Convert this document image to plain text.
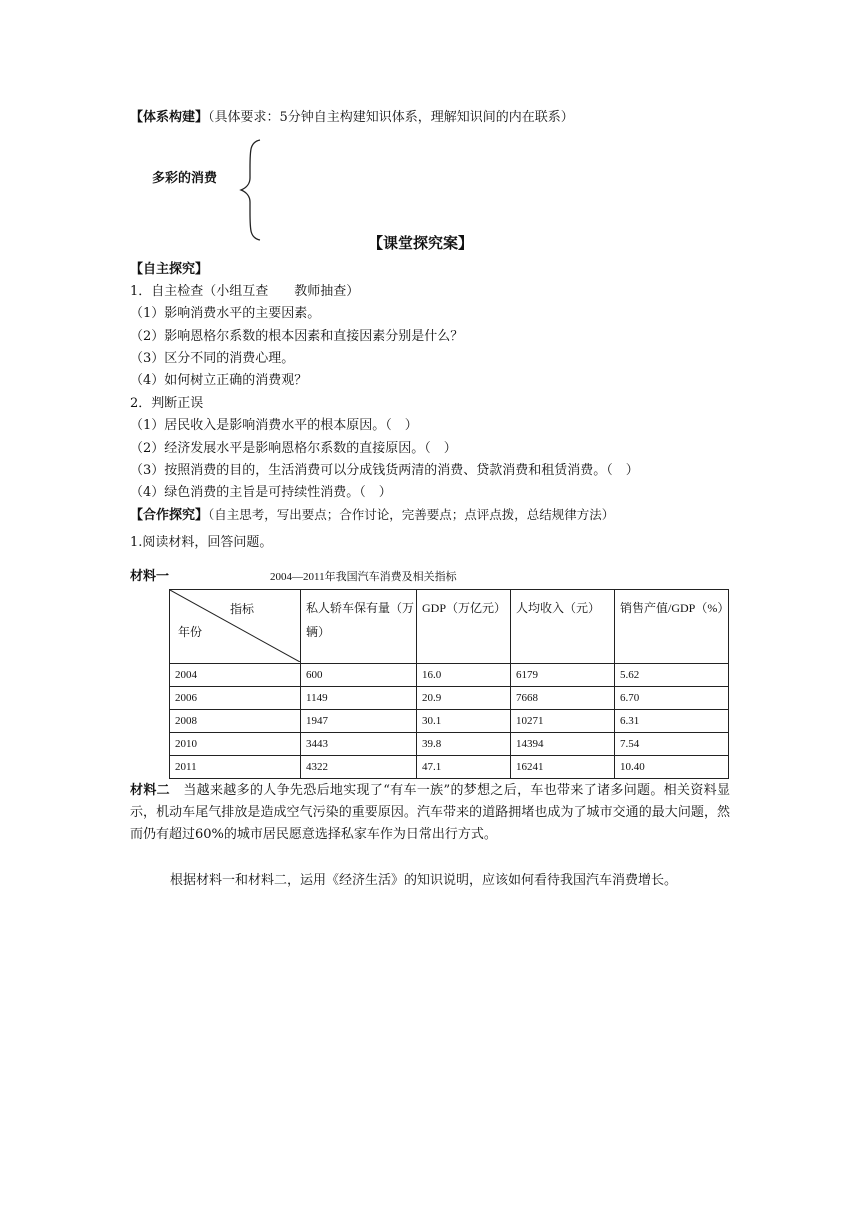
【体系构建】（具体要求：5分钟自主构建知识体系，理解知识间的内在联系）
多彩的消费
【课堂探究案】
【自主探究】
1．自主检查（小组互查　　教师抽查）
（1）影响消费水平的主要因素。
（2）影响恩格尔系数的根本因素和直接因素分别是什么？
（3）区分不同的消费心理。
（4）如何树立正确的消费观？
2．判断正误
（1）居民收入是影响消费水平的根本原因。（　）
（2）经济发展水平是影响恩格尔系数的直接原因。（　）
（3）按照消费的目的，生活消费可以分成钱货两清的消费、贷款消费和租赁消费。（　）
（4）绿色消费的主旨是可持续性消费。（　）
【合作探究】（自主思考，写出要点；合作讨论，完善要点；点评点拨，总结规律方法）
1.阅读材料，回答问题。
材料一	2004—2011年我国汽车消费及相关指标
指标
年份	私人轿车保有量（万辆）	GDP（万亿元）	人均收入（元）	销售产值/GDP（%）
2004	600	16.0	6179	5.62
2006	1149	20.9	7668	6.70
2008	1947	30.1	10271	6.31
2010	3443	39.8	14394	7.54
2011	4322	47.1	16241	10.40
材料二　 当越来越多的人争先恐后地实现了“有车一族”的梦想之后，车也带来了诸多问题。相关资料显示，机动车尾气排放是造成空气污染的重要原因。汽车带来的道路拥堵也成为了城市交通的最大问题，然而仍有超过60%的城市居民愿意选择私家车作为日常出行方式。
根据材料一和材料二，运用《经济生活》的知识说明，应该如何看待我国汽车消费增长。
